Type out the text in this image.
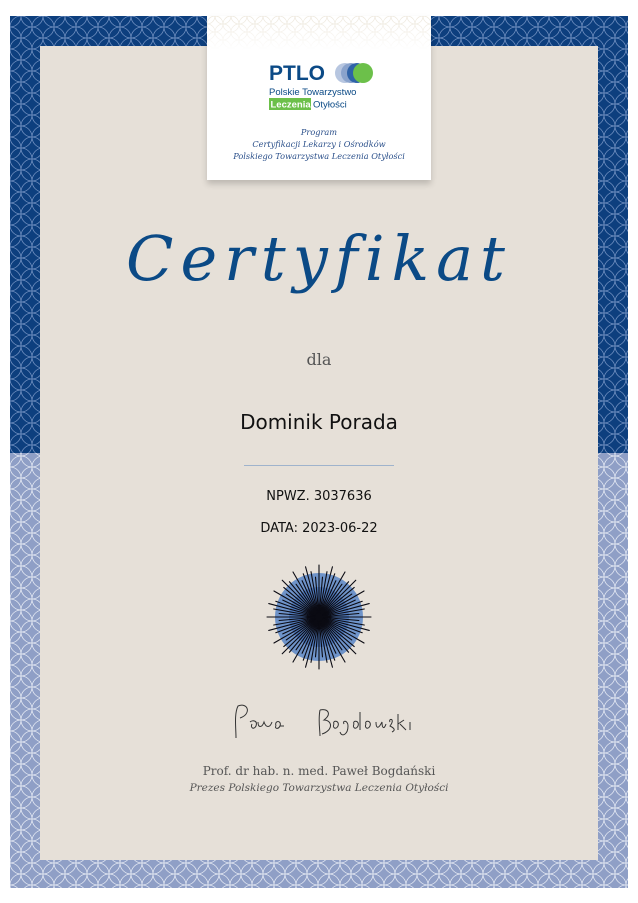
PTLO
Polskie Towarzystwo
Leczenia Otyłości
Program
Certyfikacji Lekarzy i Ośrodków
Polskiego Towarzystwa Leczenia Otyłości
Certyfikat
dla
Dominik Porada
NPWZ. 3037636
DATA: 2023-06-22
Prof. dr hab. n. med. Paweł Bogdański
Prezes Polskiego Towarzystwa Leczenia Otyłości
